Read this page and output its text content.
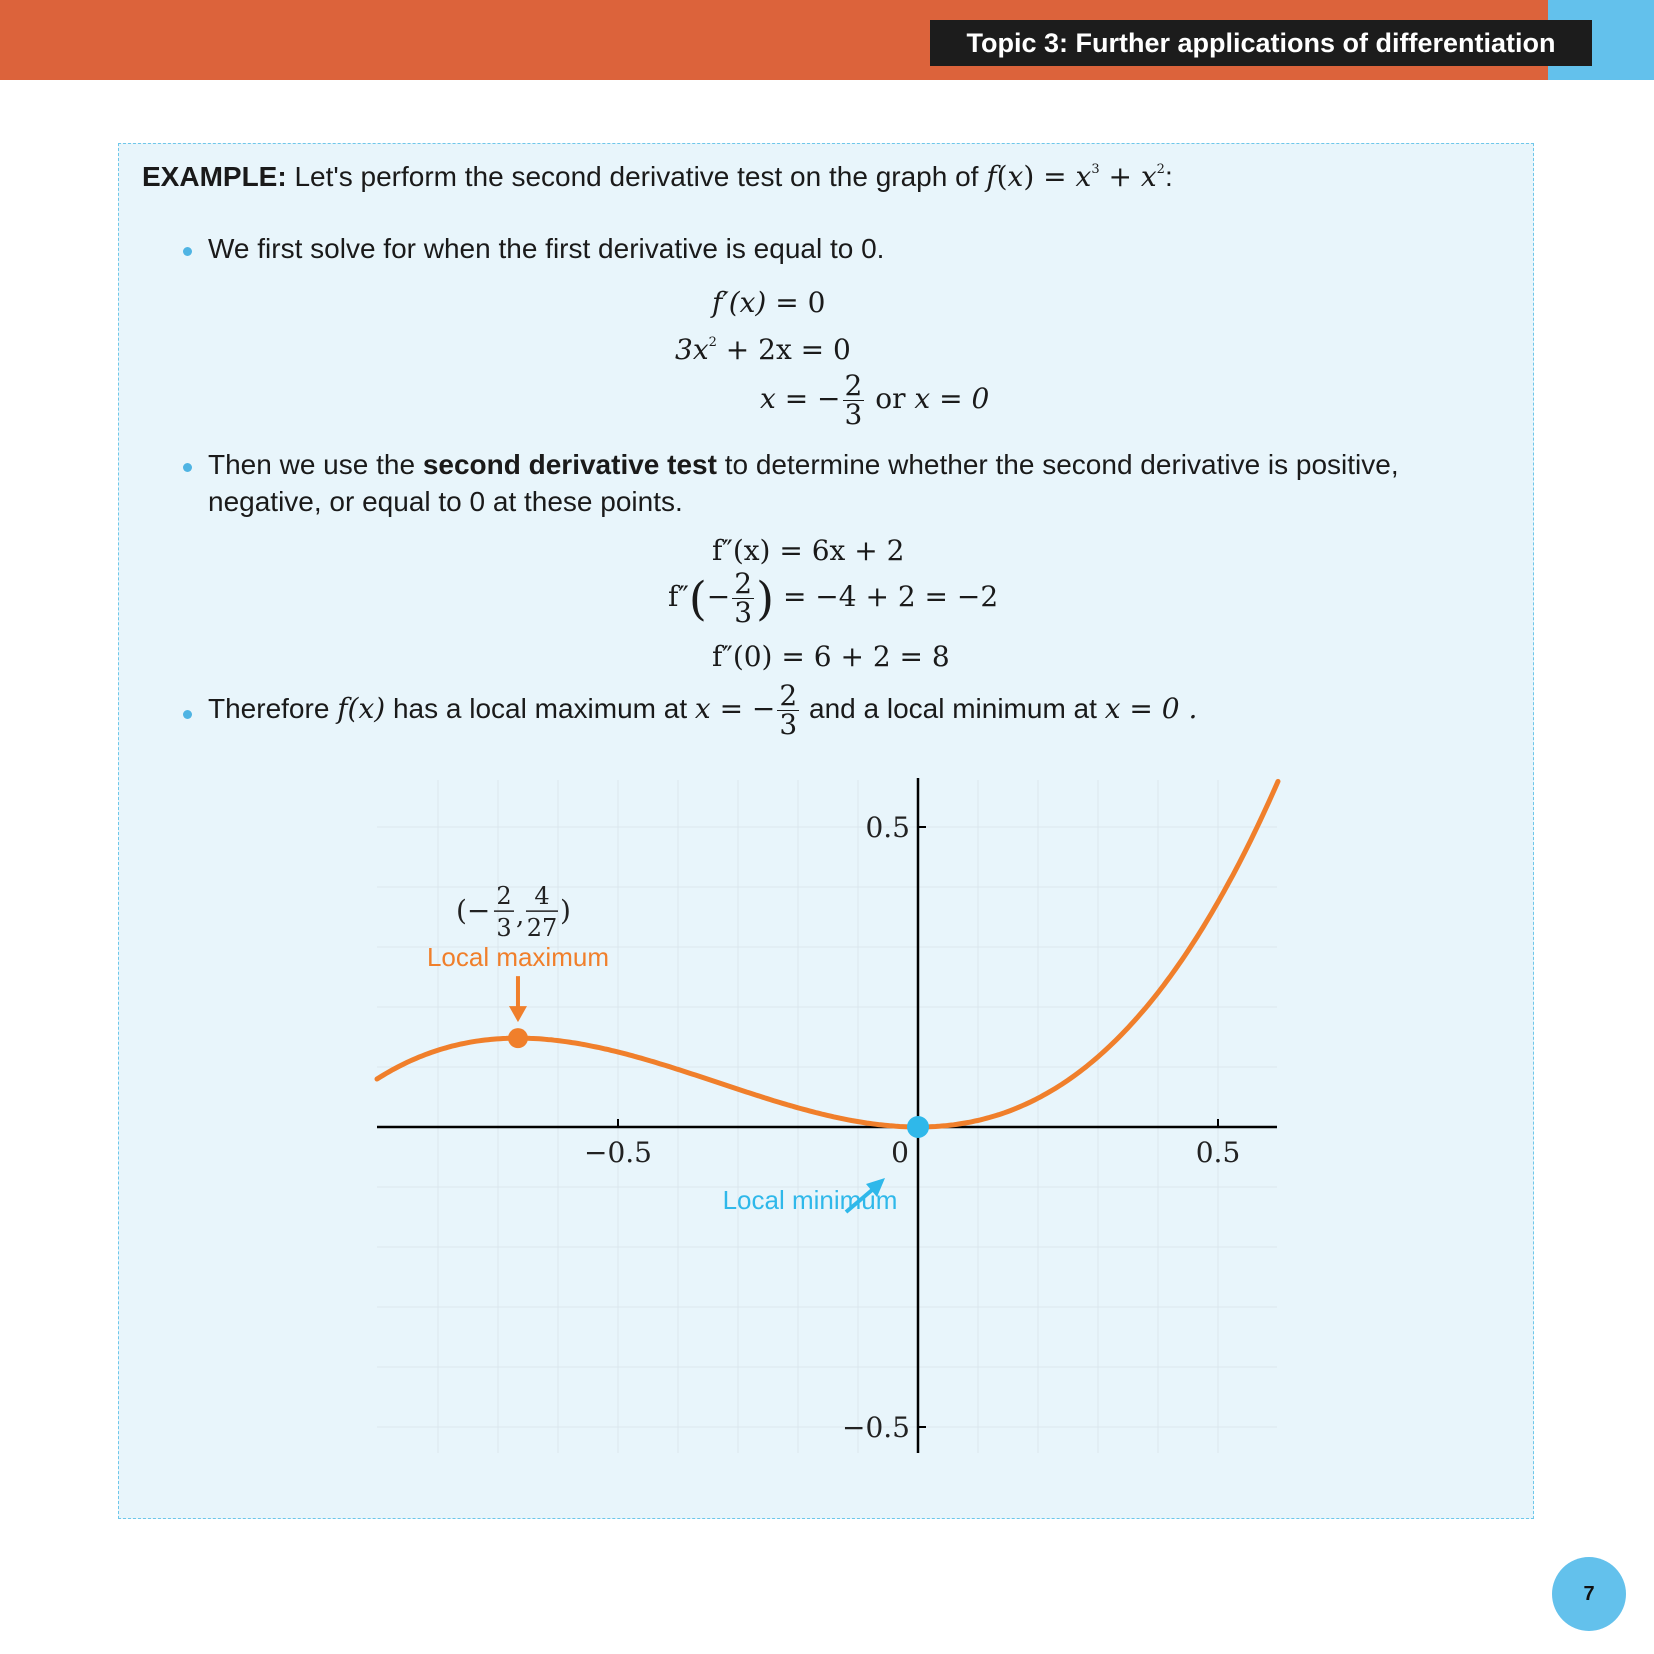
Topic 3: Further applications of differentiation
EXAMPLE: Let's perform the second derivative test on the graph of $f(x) = x^3 + x^2$:
We first solve for when the first derivative is equal to 0.
f′(x) = 0
$3x^2 + 2x = 0$
x = − $\frac{2}{3}$ or x = 0
Then we use the second derivative test to determine whether the second derivative is positive,
negative, or equal to 0 at these points.
f″(x) = 6x + 2
$f''(- \frac{2}{3}$ ) = −4 + 2 = −2
f″(0) = 6 + 2 = 8
Therefore f(x) has a local maximum at x = − $\frac{2}{3}$ and a local minimum at x = 0 .
−0.5	0	0.5
0.5
−0.5
Local maximum
(− 2
3 ,
4
27
)
Local minimum
7
